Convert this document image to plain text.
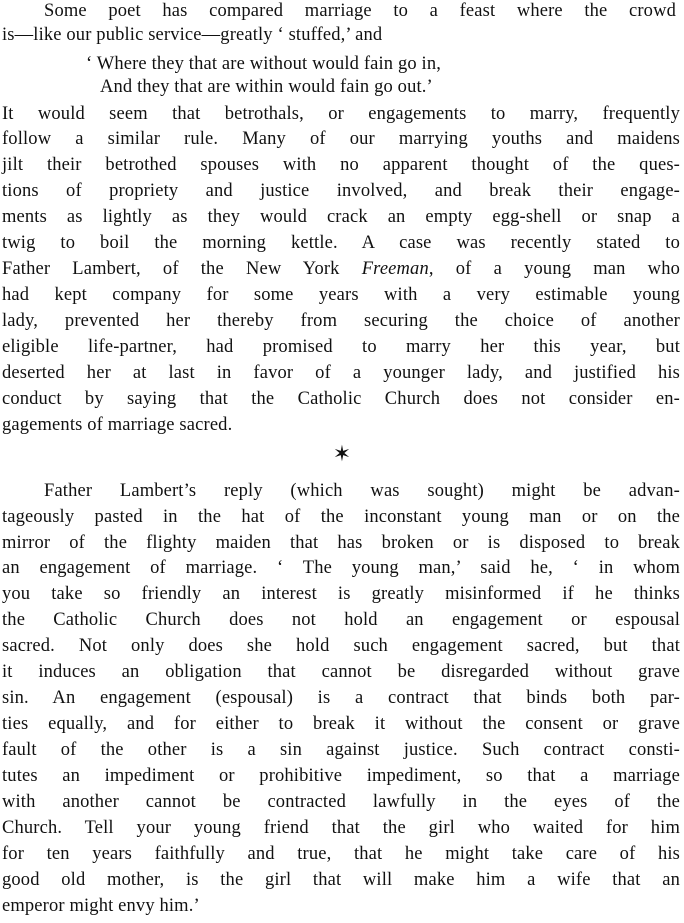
Some poet has compared marriage to a feast where the crowd
is—like our public service—greatly ‘ stuffed,’ and
‘ Where they that are without would fain go in,
And they that are within would fain go out.’
It would seem that betrothals, or engagements to marry, frequently
follow a similar rule. Many of our marrying youths and maidens
jilt their betrothed spouses with no apparent thought of the ques-
tions of propriety and justice involved, and break their engage-
ments as lightly as they would crack an empty egg-shell or snap a
twig to boil the morning kettle. A case was recently stated to
Father Lambert, of the New York Freeman, of a young man who
had kept company for some years with a very estimable young
lady, prevented her thereby from securing the choice of another
eligible life-partner, had promised to marry her this year, but
deserted her at last in favor of a younger lady, and justified his
conduct by saying that the Catholic Church does not consider en-
gagements of marriage sacred.
✶
Father Lambert’s reply (which was sought) might be advan-
tageously pasted in the hat of the inconstant young man or on the
mirror of the flighty maiden that has broken or is disposed to break
an engagement of marriage. ‘ The young man,’ said he, ‘ in whom
you take so friendly an interest is greatly misinformed if he thinks
the Catholic Church does not hold an engagement or espousal
sacred. Not only does she hold such engagement sacred, but that
it induces an obligation that cannot be disregarded without grave
sin. An engagement (espousal) is a contract that binds both par-
ties equally, and for either to break it without the consent or grave
fault of the other is a sin against justice. Such contract consti-
tutes an impediment or prohibitive impediment, so that a marriage
with another cannot be contracted lawfully in the eyes of the
Church. Tell your young friend that the girl who waited for him
for ten years faithfully and true, that he might take care of his
good old mother, is the girl that will make him a wife that an
emperor might envy him.’
